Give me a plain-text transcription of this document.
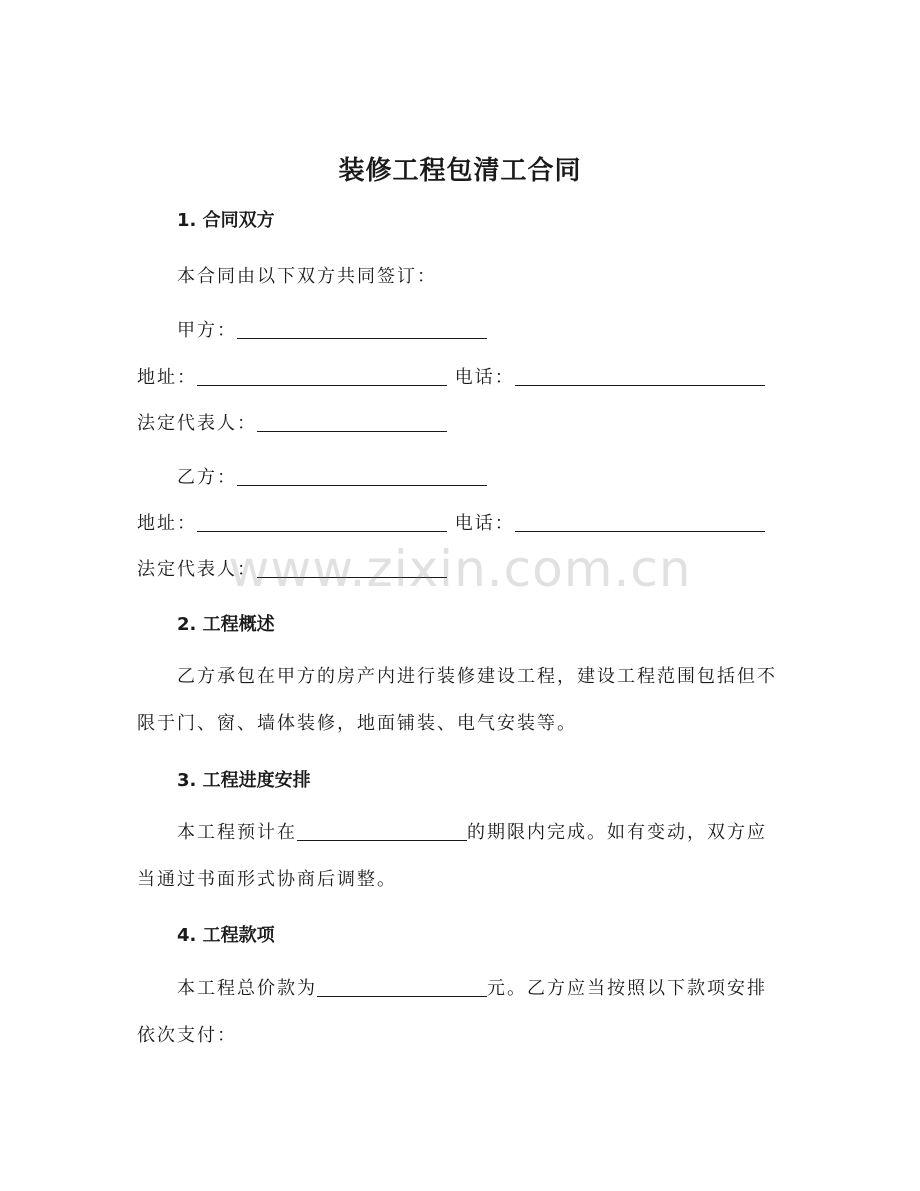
装修工程包清工合同
1. 合同双方
本合同由以下双方共同签订：
甲方：
地址：	电话：
法定代表人：
乙方：
地址：	电话：
法定代表人：
2. 工程概述
乙方承包在甲方的房产内进行装修建设工程，建设工程范围包括但不限于门、窗、墙体装修，地面铺装、电气安装等。
3. 工程进度安排
本工程预计在	的期限内完成。如有变动，双方应当通过书面形式协商后调整。
4. 工程款项
本工程总价款为	元。乙方应当按照以下款项安排依次支付：
www.zixin.com.cn
